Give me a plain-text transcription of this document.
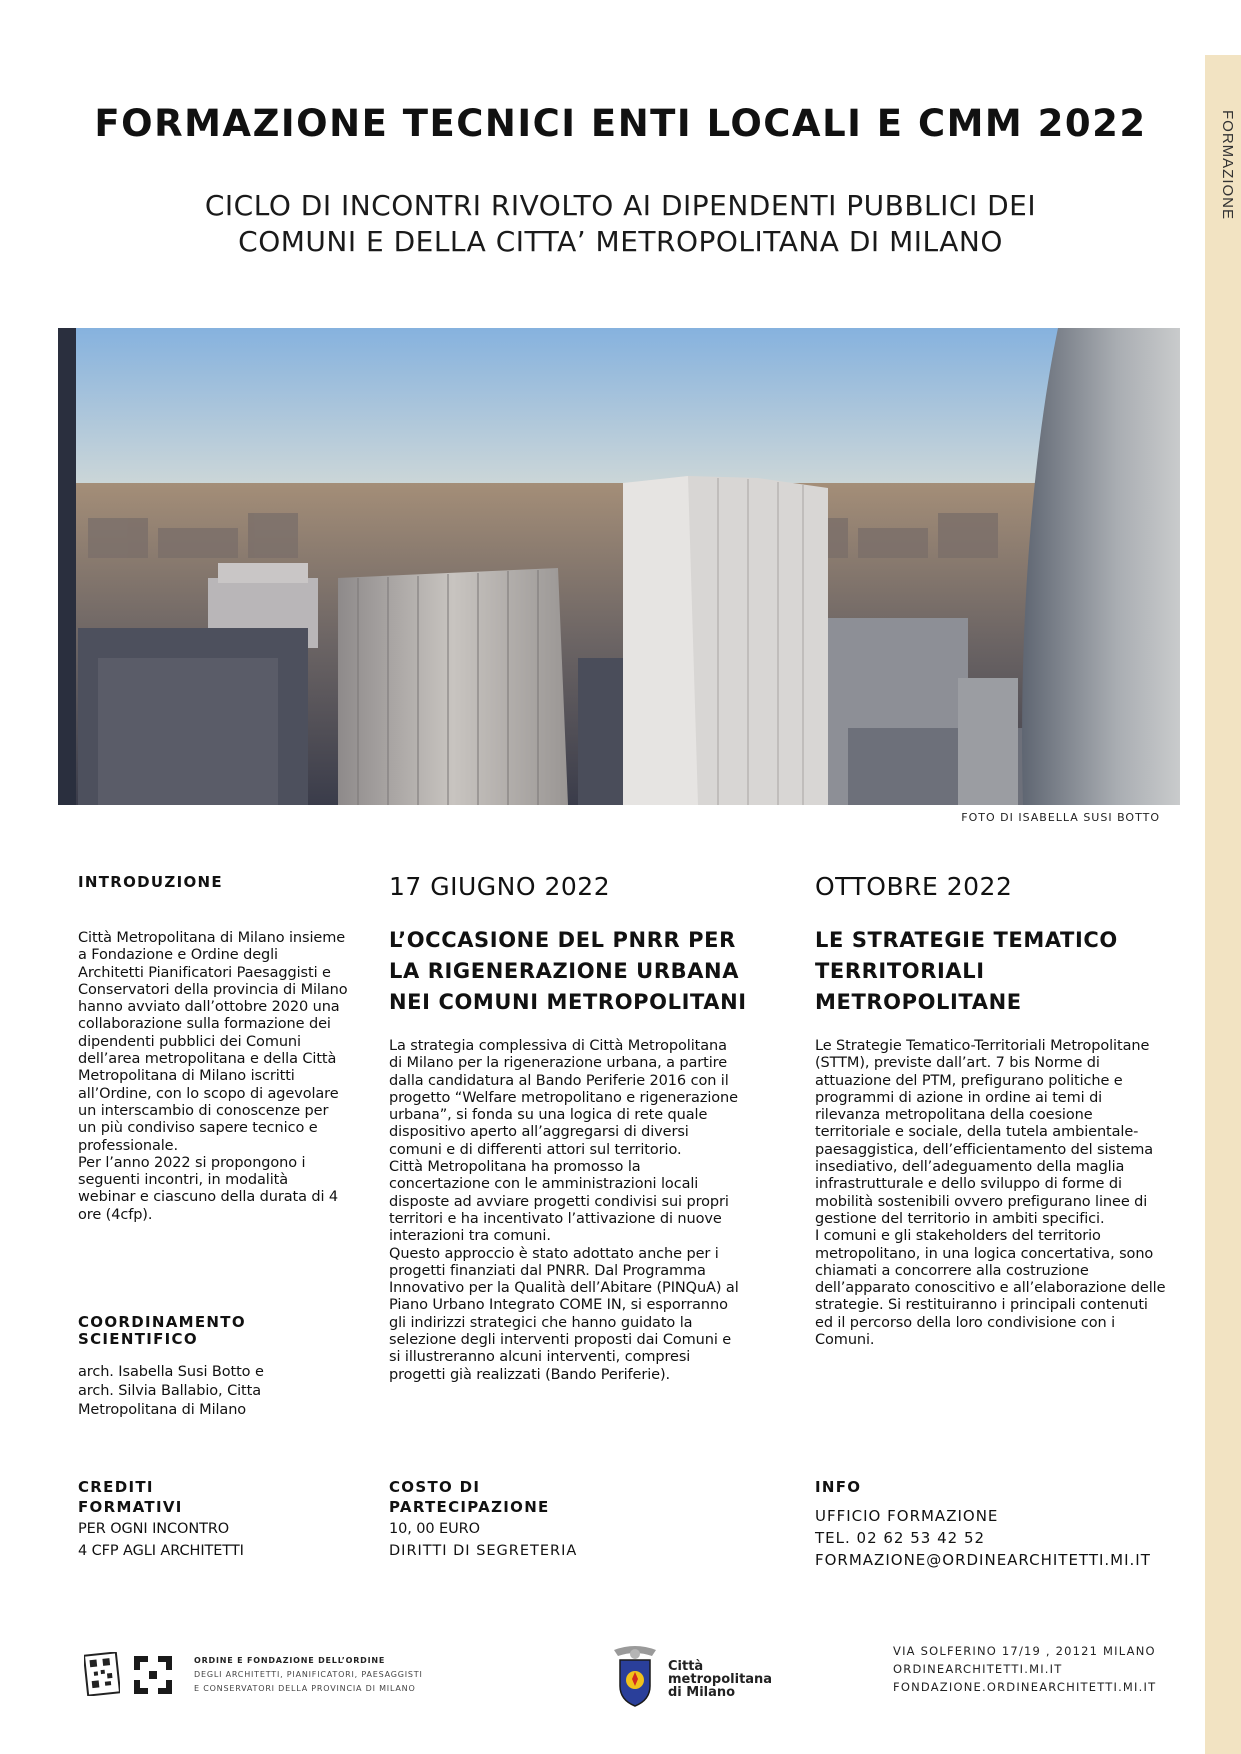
FORMAZIONE
FORMAZIONE TECNICI ENTI LOCALI E CMM 2022
CICLO DI INCONTRI RIVOLTO AI DIPENDENTI PUBBLICI DEI
COMUNI E DELLA CITTA’ METROPOLITANA DI MILANO
FOTO DI ISABELLA SUSI BOTTO
INTRODUZIONE
Città Metropolitana di Milano insieme a Fondazione e Ordine degli Architetti Pianificatori Paesaggisti e Conservatori della provincia di Milano hanno avviato dall’ottobre 2020 una collaborazione sulla formazione dei dipendenti pubblici dei Comuni dell’area metropolitana e della Città Metropolitana di Milano iscritti all’Ordine, con lo scopo di agevolare un interscambio di conoscenze per un più condiviso sapere tecnico e professionale.
Per l’anno 2022 si propongono i seguenti incontri, in modalità webinar e ciascuno della durata di 4 ore (4cfp).
COORDINAMENTO SCIENTIFICO
arch. Isabella Susi Botto e arch. Silvia Ballabio, Citta Metropolitana di Milano
17 GIUGNO 2022
L’OCCASIONE DEL PNRR PER LA RIGENERAZIONE URBANA NEI COMUNI METROPOLITANI
La strategia complessiva di Città Metropolitana di Milano per la rigenerazione urbana, a partire dalla candidatura al Bando Periferie 2016 con il progetto “Welfare metropolitano e rigenerazione urbana”, si fonda su una logica di rete quale dispositivo aperto all’aggregarsi di diversi comuni e di differenti attori sul territorio.
Città Metropolitana ha promosso la concertazione con le amministrazioni locali disposte ad avviare progetti condivisi sui propri territori e ha incentivato l’attivazione di nuove interazioni tra comuni.
Questo approccio è stato adottato anche per i progetti finanziati dal PNRR. Dal Programma Innovativo per la Qualità dell’Abitare (PINQuA) al Piano Urbano Integrato COME IN, si esporranno gli indirizzi strategici che hanno guidato la selezione degli interventi proposti dai Comuni e si illustreranno alcuni interventi, compresi progetti già realizzati (Bando Periferie).
OTTOBRE 2022
LE STRATEGIE TEMATICO TERRITORIALI METROPOLITANE
Le Strategie Tematico-Territoriali Metropolitane (STTM), previste dall’art. 7 bis Norme di attuazione del PTM, prefigurano politiche e programmi di azione in ordine ai temi di rilevanza metropolitana della coesione territoriale e sociale, della tutela ambientale-paesaggistica, dell’efficientamento del sistema insediativo, dell’adeguamento della maglia infrastrutturale e dello sviluppo di forme di mobilità sostenibili ovvero prefigurano linee di gestione del territorio in ambiti specifici.
I comuni e gli stakeholders del territorio metropolitano, in una logica concertativa, sono chiamati a concorrere alla costruzione dell’apparato conoscitivo e all’elaborazione delle strategie. Si restituiranno i principali contenuti ed il percorso della loro condivisione con i Comuni.
CREDITI
FORMATIVI
PER OGNI INCONTRO
4 CFP AGLI ARCHITETTI
COSTO DI
PARTECIPAZIONE
10, 00 EURO
DIRITTI DI SEGRETERIA
INFO
UFFICIO FORMAZIONE
TEL. 02 62 53 42 52
FORMAZIONE@ORDINEARCHITETTI.MI.IT
ORDINE E FONDAZIONE DELL’ORDINE
DEGLI ARCHITETTI, PIANIFICATORI, PAESAGGISTI
E CONSERVATORI DELLA PROVINCIA DI MILANO
Città
metropolitana
di Milano
VIA SOLFERINO 17/19 , 20121 MILANO
ORDINEARCHITETTI.MI.IT
FONDAZIONE.ORDINEARCHITETTI.MI.IT
